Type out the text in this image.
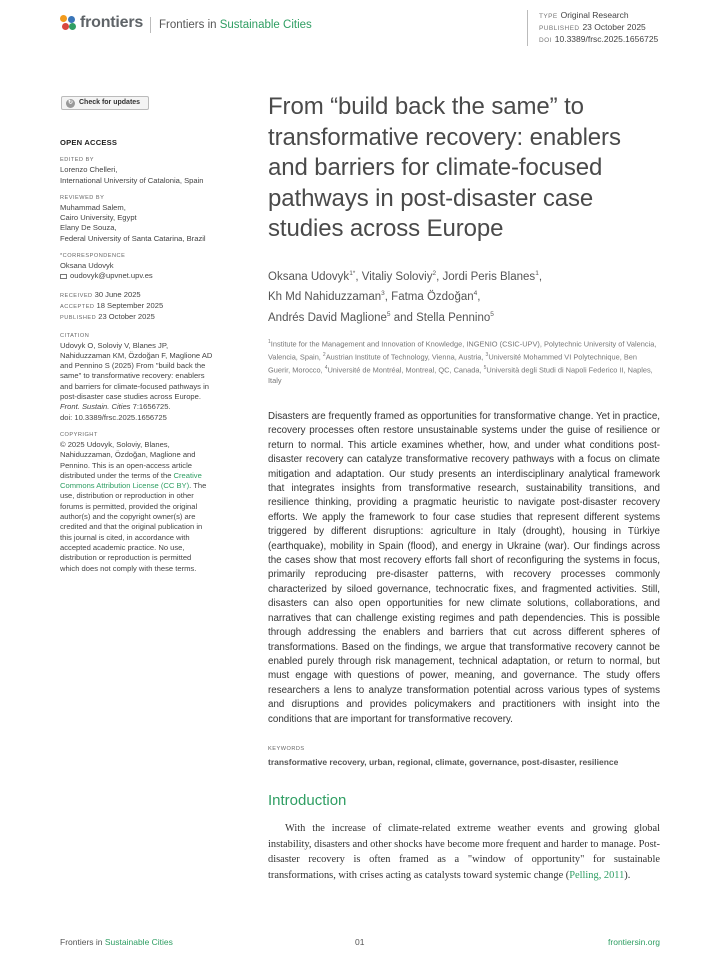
frontiers	Frontiers in Sustainable Cities
TYPE Original Research
PUBLISHED 23 October 2025
DOI 10.3389/frsc.2025.1656725
↻ Check for updates
OPEN ACCESS
EDITED BY
Lorenzo Chelleri,
International University of Catalonia, Spain
REVIEWED BY
Muhammad Salem,
Cairo University, Egypt
Elany De Souza,
Federal University of Santa Catarina, Brazil
*CORRESPONDENCE
Oksana Udovyk
oudovyk@upvnet.upv.es
RECEIVED 30 June 2025
ACCEPTED 18 September 2025
PUBLISHED 23 October 2025
CITATION
Udovyk O, Soloviy V, Blanes JP,
Nahiduzzaman KM, Özdoğan F, Maglione AD
and Pennino S (2025) From "build back the
same" to transformative recovery: enablers
and barriers for climate-focused pathways in
post-disaster case studies across Europe.
Front. Sustain. Cities 7:1656725.
doi: 10.3389/frsc.2025.1656725
COPYRIGHT
© 2025 Udovyk, Soloviy, Blanes,
Nahiduzzaman, Özdoğan, Maglione and
Pennino. This is an open-access article
distributed under the terms of the Creative
Commons Attribution License (CC BY). The
use, distribution or reproduction in other
forums is permitted, provided the original
author(s) and the copyright owner(s) are
credited and that the original publication in
this journal is cited, in accordance with
accepted academic practice. No use,
distribution or reproduction is permitted
which does not comply with these terms.
From “build back the same” to transformative recovery: enablers and barriers for climate-focused pathways in post-disaster case studies across Europe
Oksana Udovyk$^{1*}$, Vitaliy Soloviy$^2$, Jordi Peris Blanes$^1$,
Kh Md Nahiduzzaman$^3$, Fatma Özdoğan$^4$,
Andrés David Maglione$^5$ and Stella Pennino$^5$
$^1$Institute for the Management and Innovation of Knowledge, INGENIO (CSIC-UPV), Polytechnic University of Valencia, Valencia, Spain, $^2$Austrian Institute of Technology, Vienna, Austria, $^3$Université Mohammed VI Polytechnique, Ben Guerir, Morocco, $^4$Université de Montréal, Montreal, QC, Canada, $^5$Università degli Studi di Napoli Federico II, Naples, Italy

Disasters are frequently framed as opportunities for transformative change. Yet in practice, recovery processes often restore unsustainable systems under the guise of resilience or return to normal. This article examines whether, how, and under what conditions post-disaster recovery can catalyze transformative recovery pathways with a focus on climate mitigation and adaptation. Our study presents an interdisciplinary analytical framework that integrates insights from transformative research, sustainability transitions, and resilience thinking, providing a pragmatic heuristic to navigate post-disaster recovery efforts. We apply the framework to four case studies that represent different systems triggered by different disruptions: agriculture in Italy (drought), housing in Türkiye (earthquake), mobility in Spain (flood), and energy in Ukraine (war). Our findings across the cases show that most recovery efforts fall short of reconfiguring the systems in focus, primarily reproducing pre-disaster patterns, with recovery processes commonly characterized by siloed governance, technocratic fixes, and fragmented activities. Still, disasters can also open opportunities for new climate solutions, collaborations, and narratives that can challenge existing regimes and path dependencies. This is possible through addressing the enablers and barriers that cut across different spheres of transformations. Based on the findings, we argue that transformative recovery cannot be enabled purely through risk management, technical adaptation, or return to normal, but must engage with questions of power, meaning, and governance. The study offers researchers a lens to analyze transformation potential across various types of systems and disruptions and provides policymakers and practitioners with insight into the conditions that are important for transformative recovery.

KEYWORDS
transformative recovery, urban, regional, climate, governance, post-disaster, resilience
Introduction

With the increase of climate-related extreme weather events and growing global instability, disasters and other shocks have become more frequent and harder to manage. Post-disaster recovery is often framed as a "window of opportunity" for sustainable transformations, with crises acting as catalysts toward systemic change (Pelling, 2011).

Frontiers in Sustainable Cities	01	frontiersin.org
